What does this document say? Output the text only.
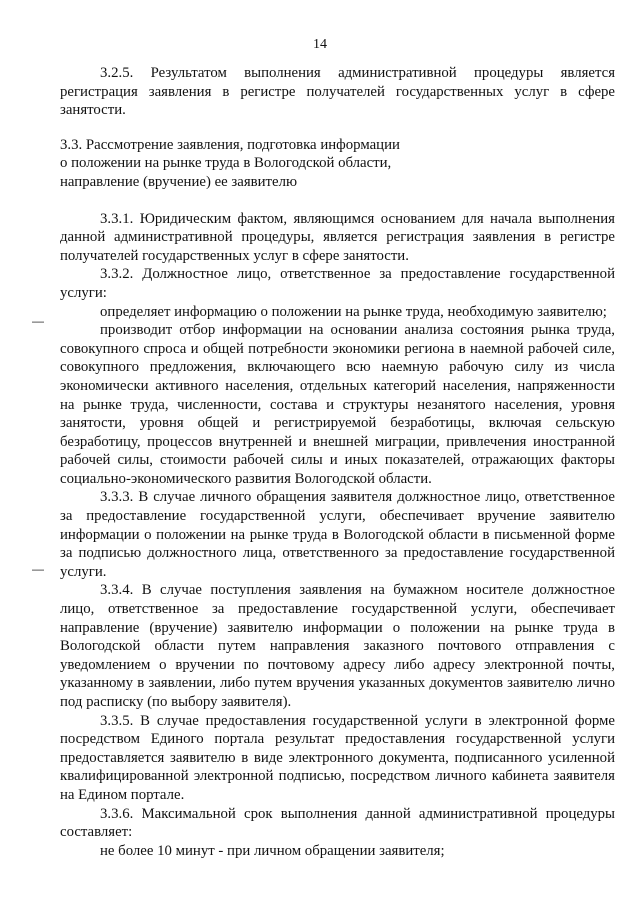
14
—
—

3.2.5. Результатом выполнения административной процедуры является регистрация заявления в регистре получателей государственных услуг в сфере занятости.

3.3. Рассмотрение заявления, подготовка информации
о положении на рынке труда в Вологодской области,
направление (вручение) ее заявителю

3.3.1. Юридическим фактом, являющимся основанием для начала выполнения данной административной процедуры, является регистрация заявления в регистре получателей государственных услуг в сфере занятости.

3.3.2. Должностное лицо, ответственное за предоставление государственной услуги:

определяет информацию о положении на рынке труда, необходимую заявителю;

производит отбор информации на основании анализа состояния рынка труда, совокупного спроса и общей потребности экономики региона в наемной рабочей силе, совокупного предложения, включающего всю наемную рабочую силу из числа экономически активного населения, отдельных категорий населения, напряженности на рынке труда, численности, состава и структуры незанятого населения, уровня занятости, уровня общей и регистрируемой безработицы, включая сельскую безработицу, процессов внутренней и внешней миграции, привлечения иностранной рабочей силы, стоимости рабочей силы и иных показателей, отражающих факторы социально-экономического развития Вологодской области.

3.3.3. В случае личного обращения заявителя должностное лицо, ответственное за предоставление государственной услуги, обеспечивает вручение заявителю информации о положении на рынке труда в Вологодской области в письменной форме за подписью должностного лица, ответственного за предоставление государственной услуги.

3.3.4. В случае поступления заявления на бумажном носителе должностное лицо, ответственное за предоставление государственной услуги, обеспечивает направление (вручение) заявителю информации о положении на рынке труда в Вологодской области путем направления заказного почтового отправления с уведомлением о вручении по почтовому адресу либо адресу электронной почты, указанному в заявлении, либо путем вручения указанных документов заявителю лично под расписку (по выбору заявителя).

3.3.5. В случае предоставления государственной услуги в электронной форме посредством Единого портала результат предоставления государственной услуги предоставляется заявителю в виде электронного документа, подписанного усиленной квалифицированной электронной подписью, посредством личного кабинета заявителя на Едином портале.

3.3.6. Максимальной срок выполнения данной административной процедуры составляет:

не более 10 минут - при личном обращении заявителя;
